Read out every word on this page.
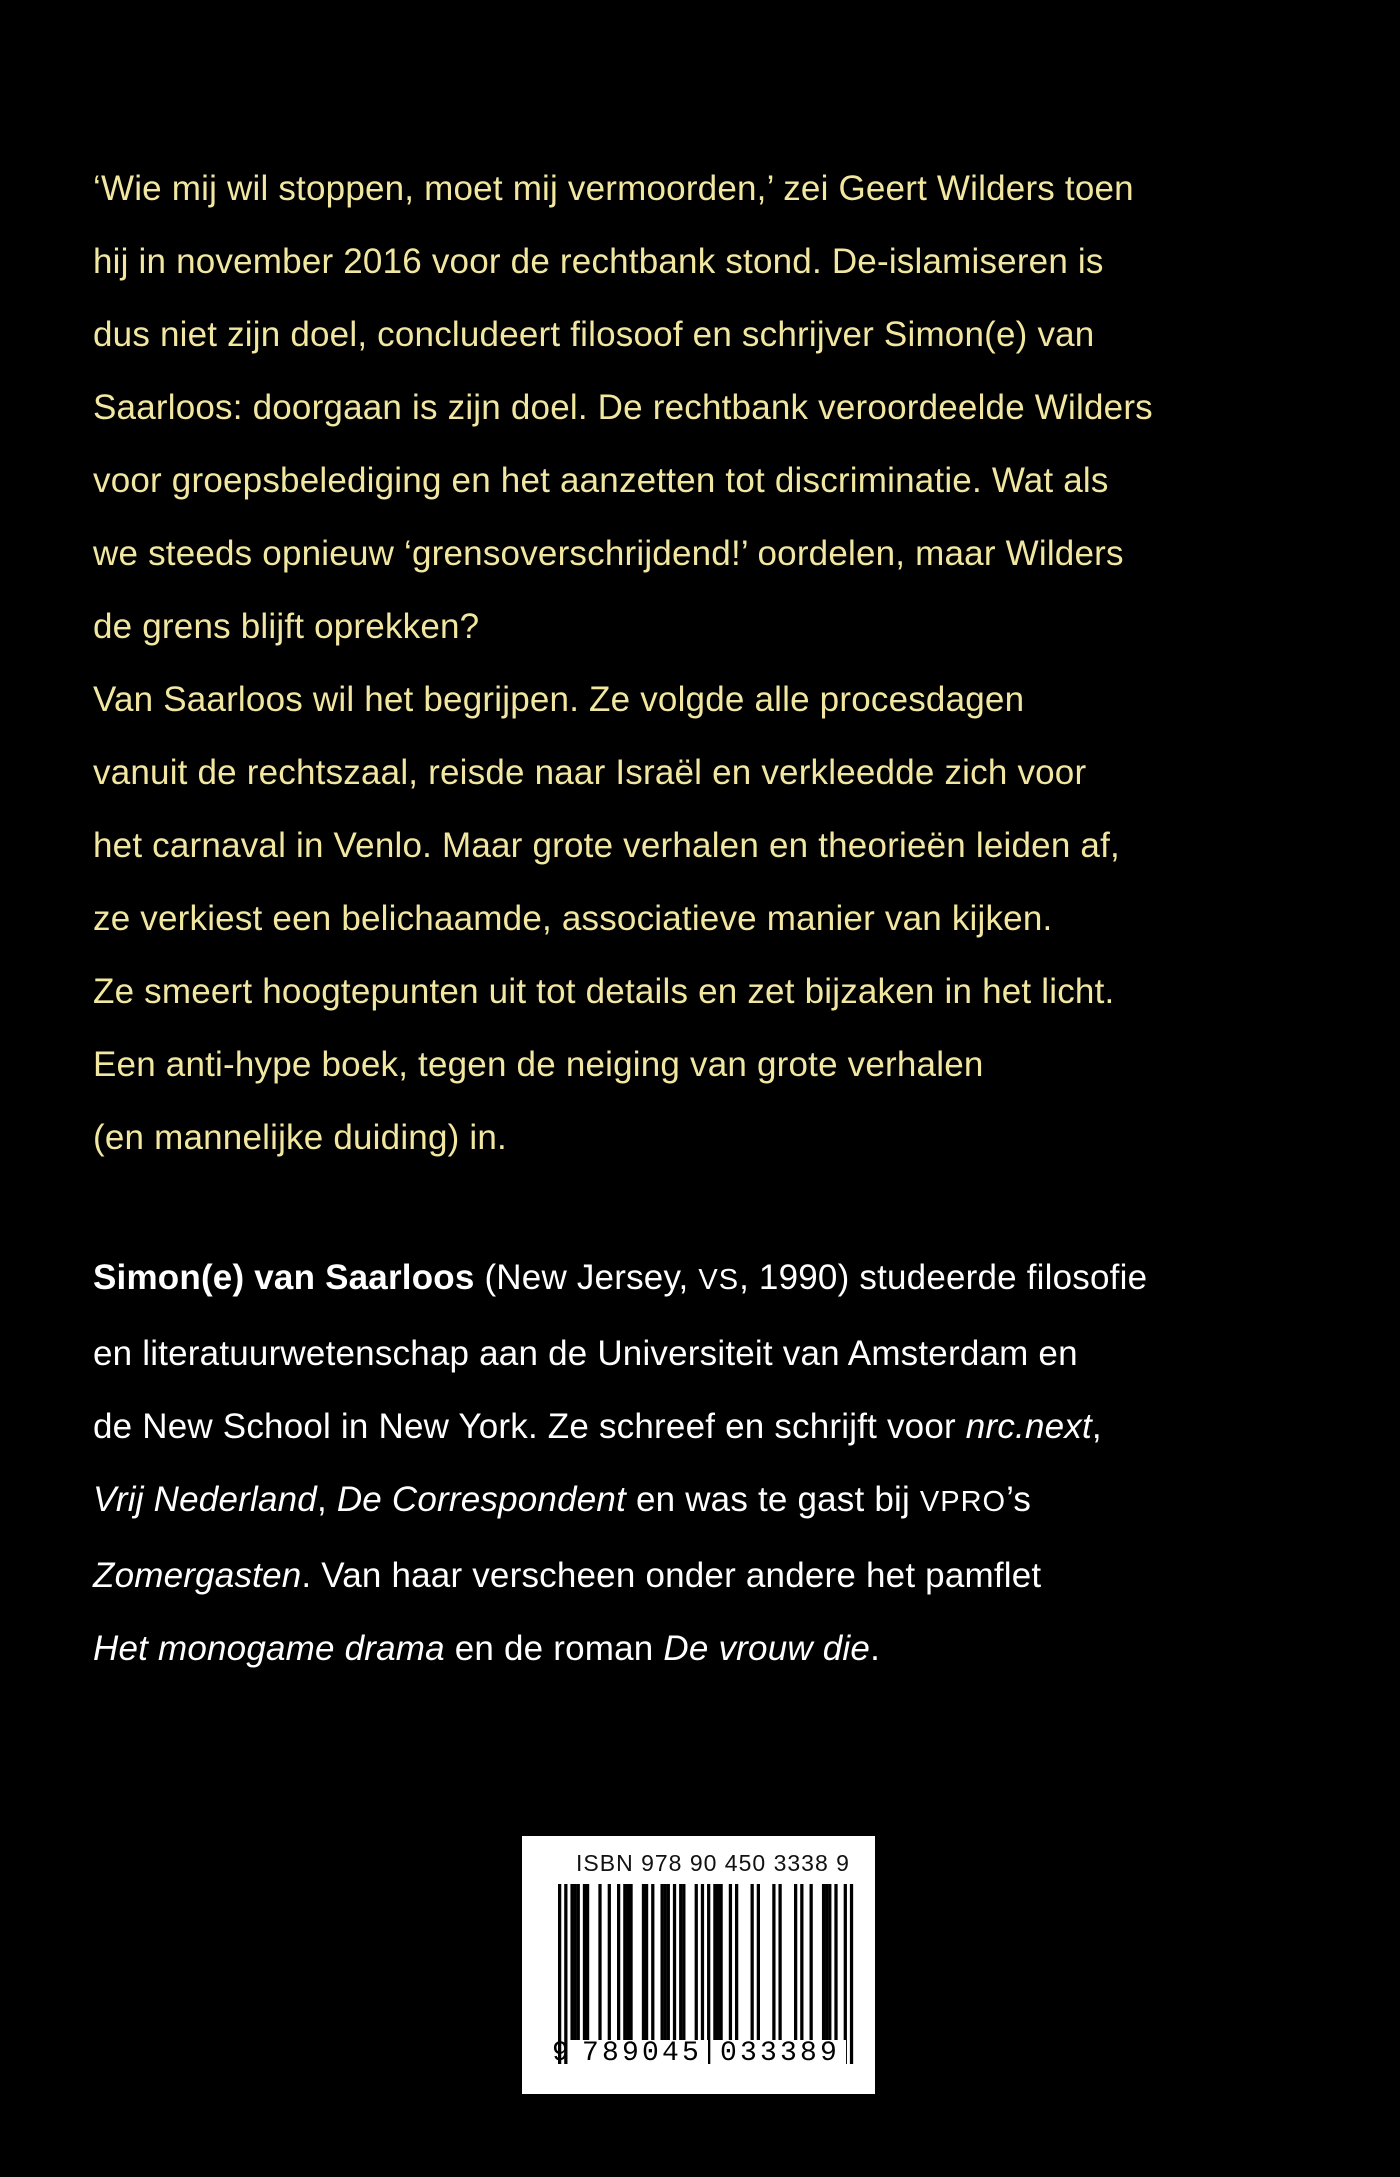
‘Wie mij wil stoppen, moet mij vermoorden,’ zei Geert Wilders toen
hij in november 2016 voor de rechtbank stond. De-islamiseren is
dus niet zijn doel, concludeert filosoof en schrijver Simon(e) van
Saarloos: doorgaan is zijn doel. De rechtbank veroordeelde Wilders
voor groepsbelediging en het aanzetten tot discriminatie. Wat als
we steeds opnieuw ‘grensoverschrijdend!’ oordelen, maar Wilders
de grens blijft oprekken?
Van Saarloos wil het begrijpen. Ze volgde alle procesdagen
vanuit de rechtszaal, reisde naar Israël en verkleedde zich voor
het carnaval in Venlo. Maar grote verhalen en theorieën leiden af,
ze verkiest een belichaamde, associatieve manier van kijken.
Ze smeert hoogtepunten uit tot details en zet bijzaken in het licht.
Een anti-hype boek, tegen de neiging van grote verhalen
(en mannelijke duiding) in.
Simon(e) van Saarloos (New Jersey, VS, 1990) studeerde filosofie
en literatuurwetenschap aan de Universiteit van Amsterdam en
de New School in New York. Ze schreef en schrijft voor nrc.next,
Vrij Nederland, De Correspondent en was te gast bij VPRO’s
Zomergasten. Van haar verscheen onder andere het pamflet
Het monogame drama en de roman De vrouw die.
ISBN 978 90 450 3338 9
9 789045 033389
